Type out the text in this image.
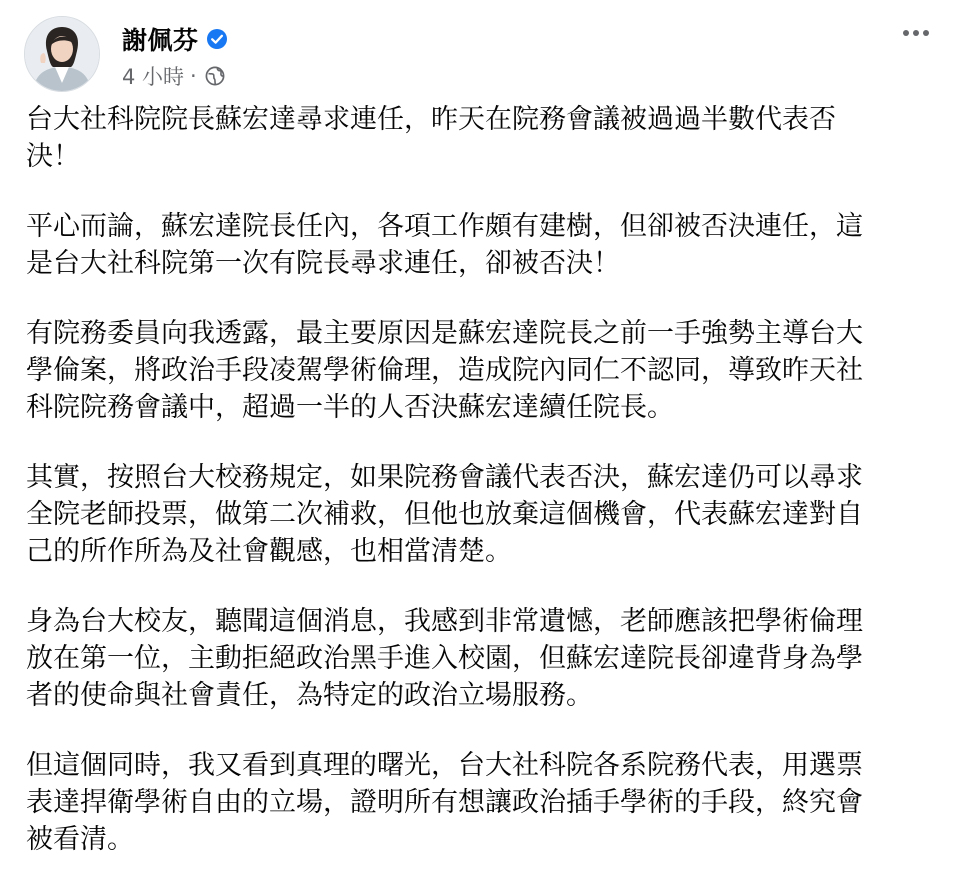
謝佩芬
4 小時 ·

台大社科院院長蘇宏達尋求連任，昨天在院務會議被過過半數代表否
決！

平心而論，蘇宏達院長任內，各項工作頗有建樹，但卻被否決連任，這
是台大社科院第一次有院長尋求連任，卻被否決！

有院務委員向我透露，最主要原因是蘇宏達院長之前一手強勢主導台大
學倫案，將政治手段凌駕學術倫理，造成院內同仁不認同，導致昨天社
科院院務會議中，超過一半的人否決蘇宏達續任院長。

其實，按照台大校務規定，如果院務會議代表否決，蘇宏達仍可以尋求
全院老師投票，做第二次補救，但他也放棄這個機會，代表蘇宏達對自
己的所作所為及社會觀感，也相當清楚。

身為台大校友，聽聞這個消息，我感到非常遺憾，老師應該把學術倫理
放在第一位，主動拒絕政治黑手進入校園，但蘇宏達院長卻違背身為學
者的使命與社會責任，為特定的政治立場服務。

但這個同時，我又看到真理的曙光，台大社科院各系院務代表，用選票
表達捍衛學術自由的立場，證明所有想讓政治插手學術的手段，終究會
被看清。
